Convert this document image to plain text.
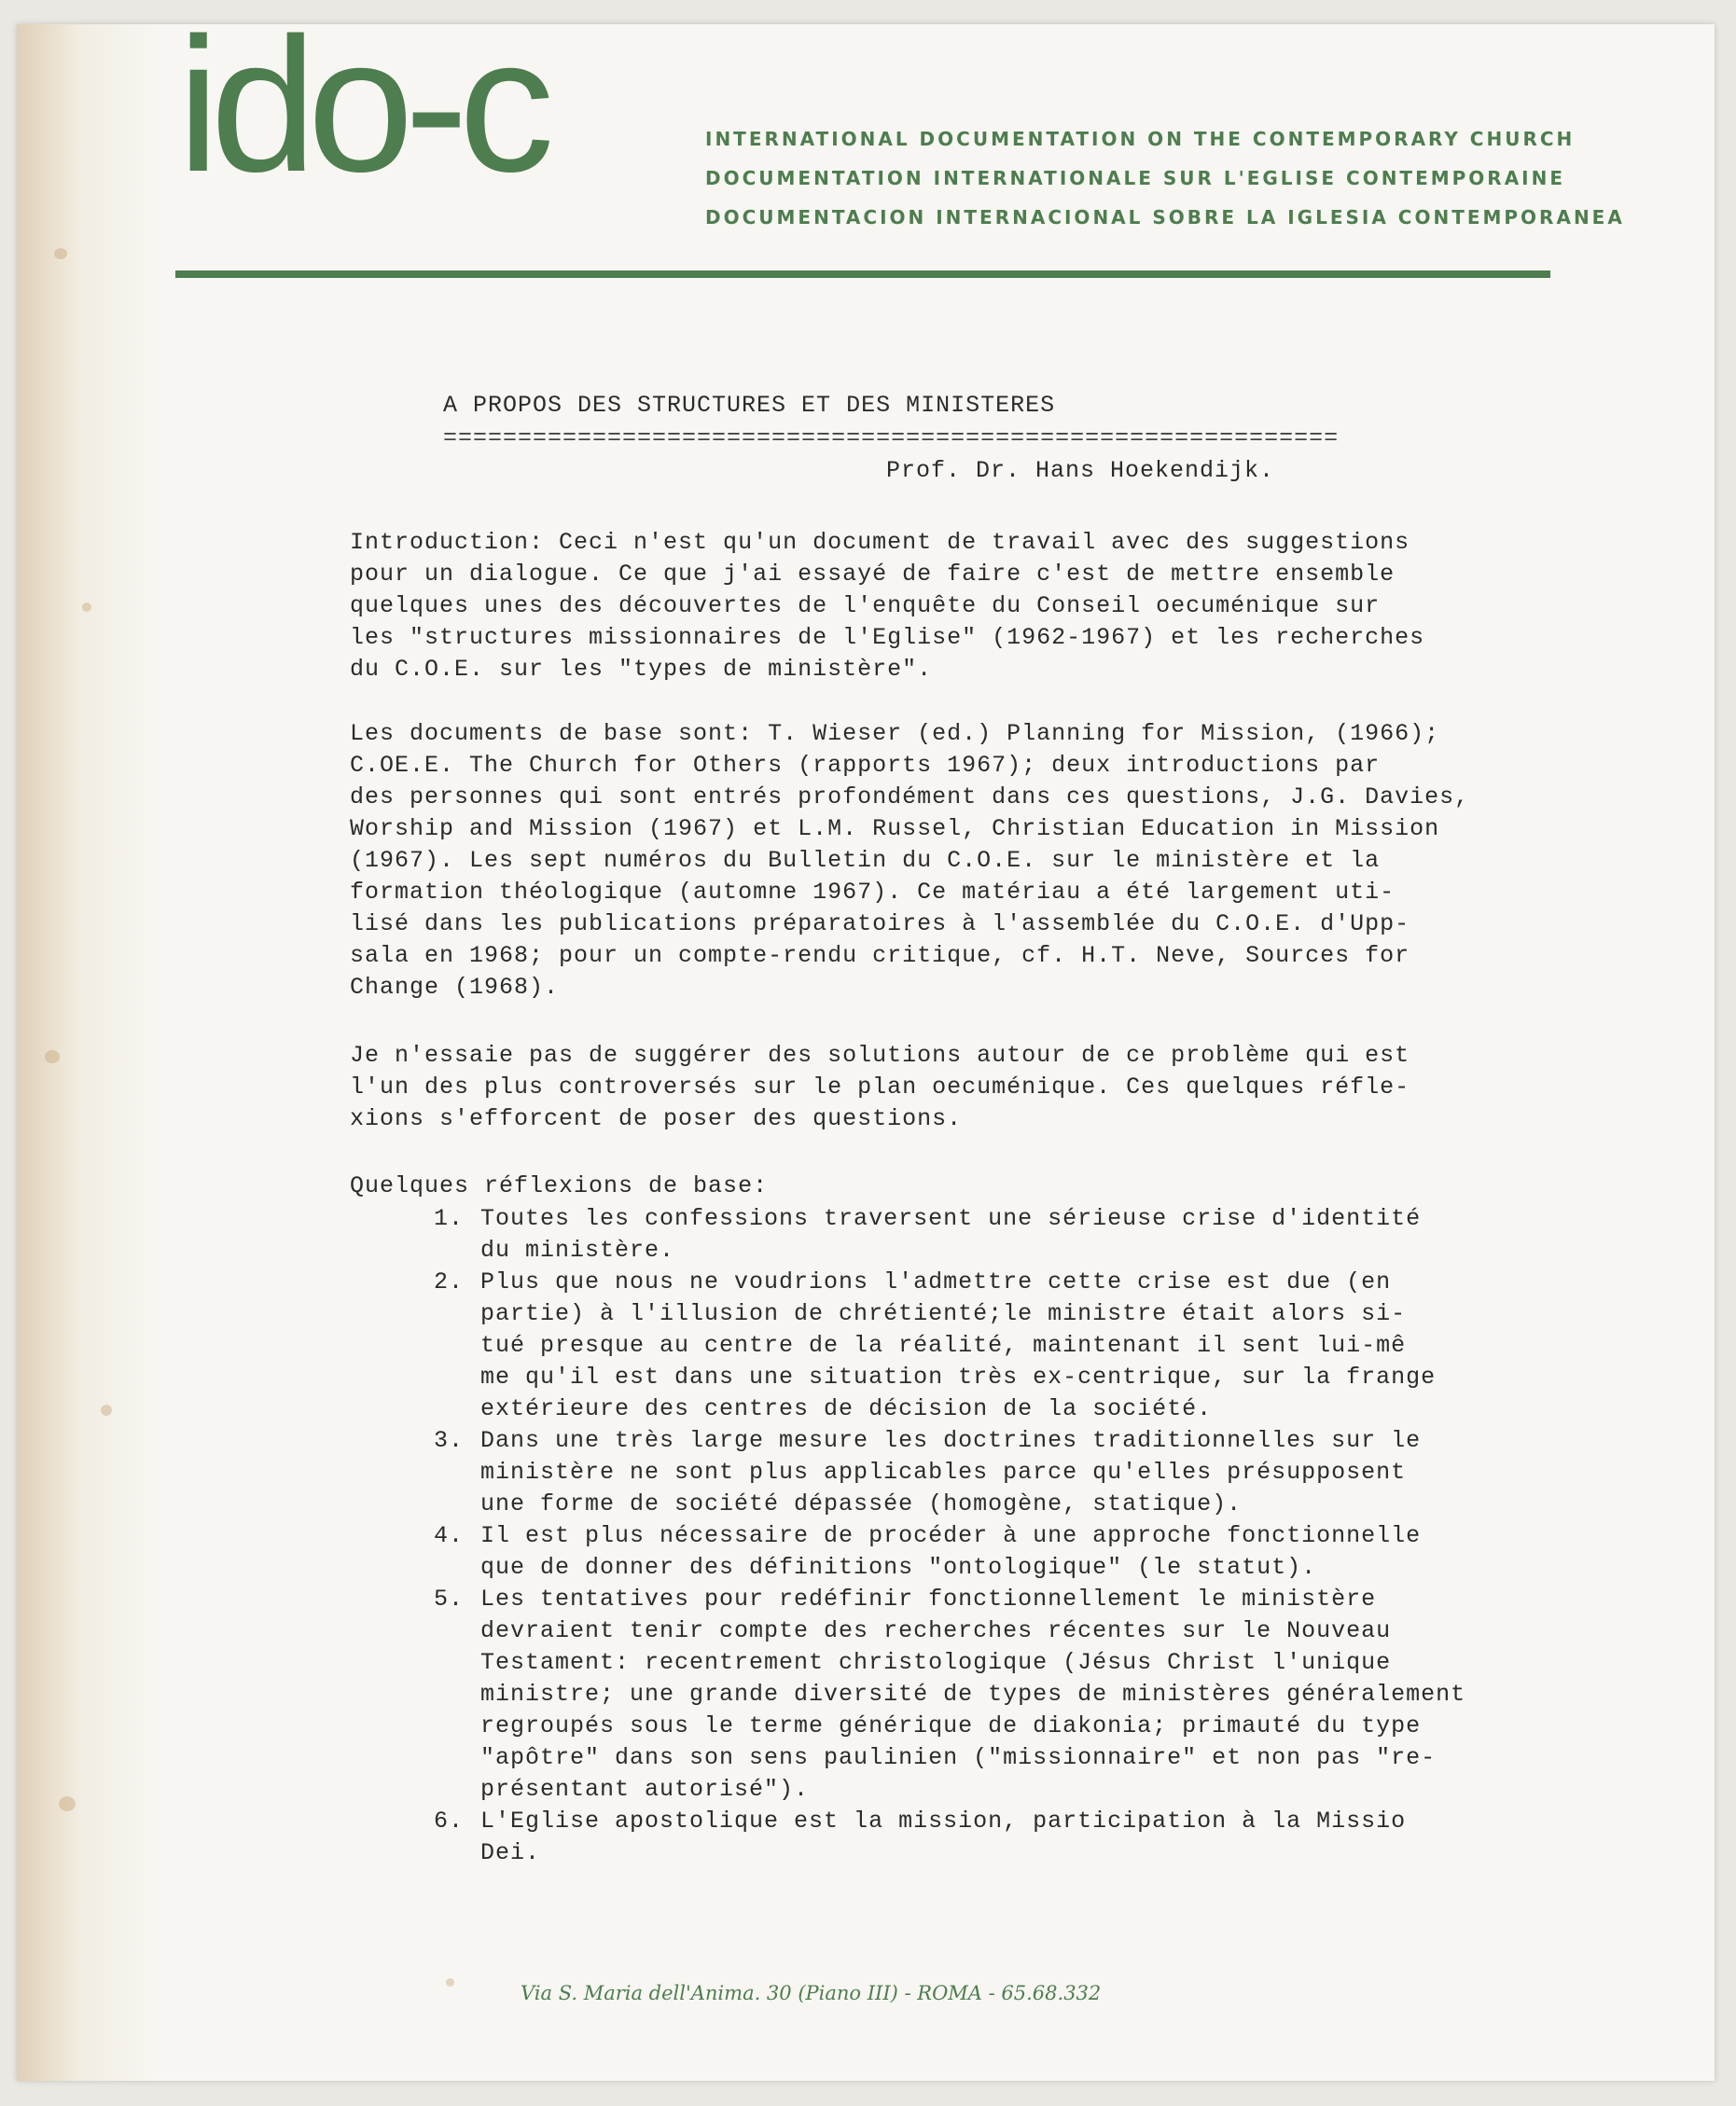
ido-c	INTERNATIONAL DOCUMENTATION ON THE CONTEMPORARY CHURCH
DOCUMENTATION INTERNATIONALE SUR L'EGLISE CONTEMPORAINE
DOCUMENTACION INTERNACIONAL SOBRE LA IGLESIA CONTEMPORANEA
A PROPOS DES STRUCTURES ET DES MINISTERES
============================================================
Prof. Dr. Hans Hoekendijk.
Introduction: Ceci n'est qu'un document de travail avec des suggestions
pour un dialogue. Ce que j'ai essayé de faire c'est de mettre ensemble
quelques unes des découvertes de l'enquête du Conseil oecuménique sur
les "structures missionnaires de l'Eglise" (1962-1967) et les recherches
du C.O.E. sur les "types de ministère".
Les documents de base sont: T. Wieser (ed.) Planning for Mission, (1966);
C.OE.E. The Church for Others (rapports 1967); deux introductions par
des personnes qui sont entrés profondément dans ces questions, J.G. Davies,
Worship and Mission (1967) et L.M. Russel, Christian Education in Mission
(1967). Les sept numéros du Bulletin du C.O.E. sur le ministère et la
formation théologique (automne 1967). Ce matériau a été largement uti-
lisé dans les publications préparatoires à l'assemblée du C.O.E. d'Upp-
sala en 1968; pour un compte-rendu critique, cf. H.T. Neve, Sources for
Change (1968).
Je n'essaie pas de suggérer des solutions autour de ce problème qui est
l'un des plus controversés sur le plan oecuménique. Ces quelques réfle-
xions s'efforcent de poser des questions.
Quelques réflexions de base:
1. Toutes les confessions traversent une sérieuse crise d'identité
du ministère.
2. Plus que nous ne voudrions l'admettre cette crise est due (en
partie) à l'illusion de chrétienté;le ministre était alors si-
tué presque au centre de la réalité, maintenant il sent lui-mê
me qu'il est dans une situation très ex-centrique, sur la frange
extérieure des centres de décision de la société.
3. Dans une très large mesure les doctrines traditionnelles sur le
ministère ne sont plus applicables parce qu'elles présupposent
une forme de société dépassée (homogène, statique).
4. Il est plus nécessaire de procéder à une approche fonctionnelle
que de donner des définitions "ontologique" (le statut).
5. Les tentatives pour redéfinir fonctionnellement le ministère
devraient tenir compte des recherches récentes sur le Nouveau
Testament: recentrement christologique (Jésus Christ l'unique
ministre; une grande diversité de types de ministères généralement
regroupés sous le terme générique de diakonia; primauté du type
"apôtre" dans son sens paulinien ("missionnaire" et non pas "re-
présentant autorisé").
6. L'Eglise apostolique est la mission, participation à la Missio
Dei.
Via S. Maria dell'Anima. 30 (Piano III) - ROMA - 65.68.332
